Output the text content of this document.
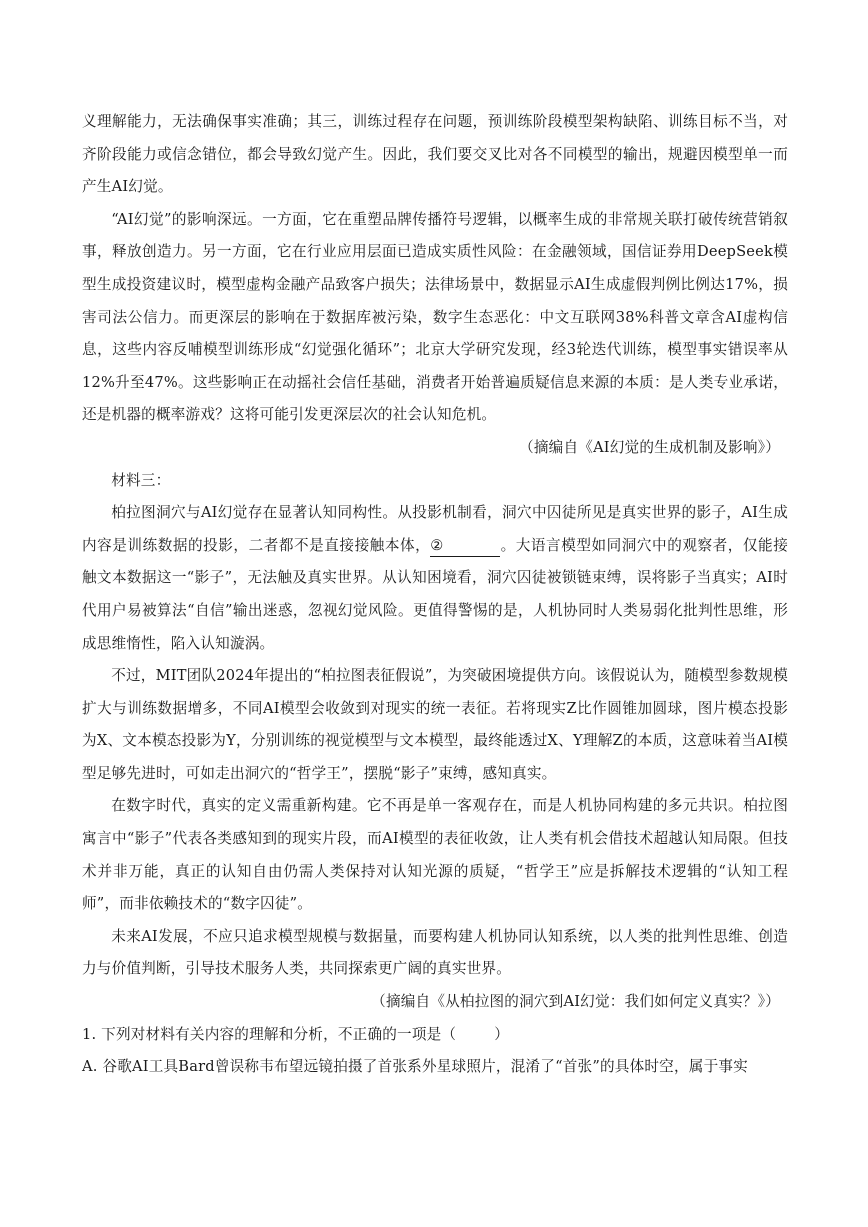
义理解能力，无法确保事实准确；其三，训练过程存在问题，预训练阶段模型架构缺陷、训练目标不当，对齐阶段能力或信念错位，都会导致幻觉产生。因此，我们要交叉比对各不同模型的输出，规避因模型单一而产生AI幻觉。

“AI幻觉”的影响深远。一方面，它在重塑品牌传播符号逻辑，以概率生成的非常规关联打破传统营销叙事，释放创造力。另一方面，它在行业应用层面已造成实质性风险：在金融领域，国信证券用DeepSeek模型生成投资建议时，模型虚构金融产品致客户损失；法律场景中，数据显示AI生成虚假判例比例达17%，损害司法公信力。而更深层的影响在于数据库被污染，数字生态恶化：中文互联网38%科普文章含AI虚构信息，这些内容反哺模型训练形成“幻觉强化循环”；北京大学研究发现，经3轮迭代训练，模型事实错误率从12%升至47%。这些影响正在动摇社会信任基础，消费者开始普遍质疑信息来源的本质：是人类专业承诺，还是机器的概率游戏？这将可能引发更深层次的社会认知危机。

（摘编自《AI幻觉的生成机制及影响》）

材料三：

柏拉图洞穴与AI幻觉存在显著认知同构性。从投影机制看，洞穴中囚徒所见是真实世界的影子，AI生成内容是训练数据的投影，二者都不是直接接触本体，②	。大语言模型如同洞穴中的观察者，仅能接触文本数据这一“影子”，无法触及真实世界。从认知困境看，洞穴囚徒被锁链束缚，误将影子当真实；AI时代用户易被算法“自信”输出迷惑，忽视幻觉风险。更值得警惕的是，人机协同时人类易弱化批判性思维，形成思维惰性，陷入认知漩涡。

不过，MIT团队2024年提出的“柏拉图表征假说”，为突破困境提供方向。该假说认为，随模型参数规模扩大与训练数据增多，不同AI模型会收敛到对现实的统一表征。若将现实Z比作圆锥加圆球，图片模态投影为X、文本模态投影为Y，分别训练的视觉模型与文本模型，最终能透过X、Y理解Z的本质，这意味着当AI模型足够先进时，可如走出洞穴的“哲学王”，摆脱“影子”束缚，感知真实。

在数字时代，真实的定义需重新构建。它不再是单一客观存在，而是人机协同构建的多元共识。柏拉图寓言中“影子”代表各类感知到的现实片段，而AI模型的表征收敛，让人类有机会借技术超越认知局限。但技术并非万能，真正的认知自由仍需人类保持对认知光源的质疑，“哲学王”应是拆解技术逻辑的“认知工程师”，而非依赖技术的“数字囚徒”。

未来AI发展，不应只追求模型规模与数据量，而要构建人机协同认知系统，以人类的批判性思维、创造力与价值判断，引导技术服务人类，共同探索更广阔的真实世界。

（摘编自《从柏拉图的洞穴到AI幻觉：我们如何定义真实？》）

1. 下列对材料有关内容的理解和分析，不正确的一项是（	）

A. 谷歌AI工具Bard曾误称韦布望远镜拍摄了首张系外星球照片，混淆了“首张”的具体时空，属于事实
